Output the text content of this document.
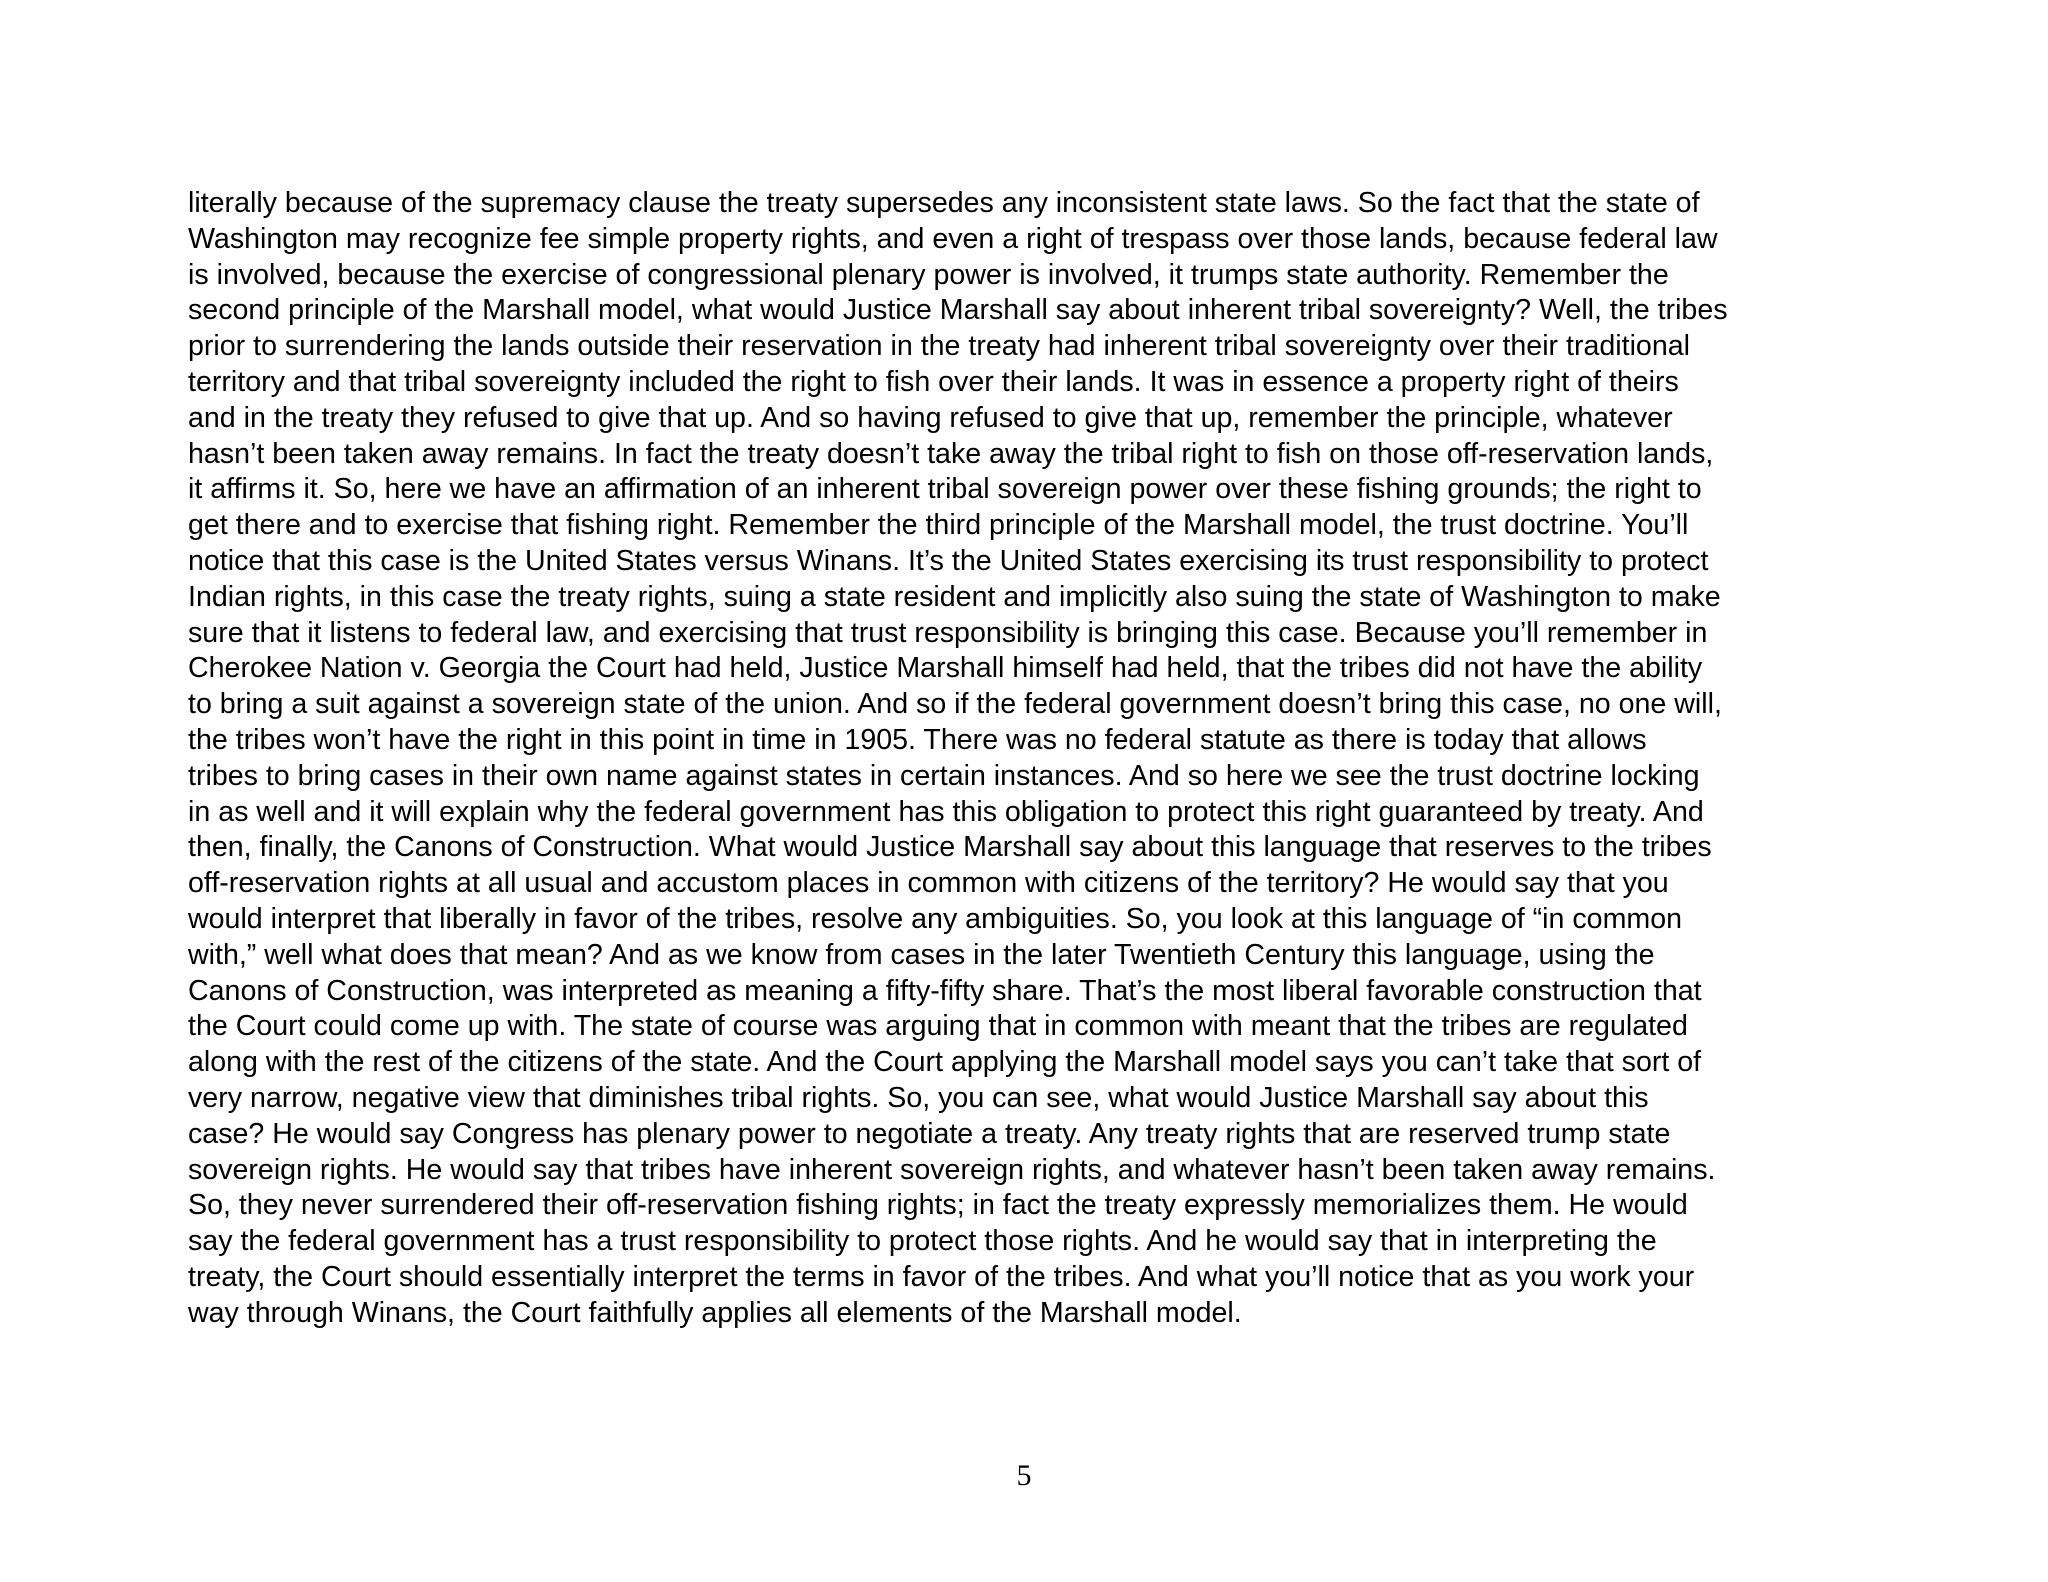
literally because of the supremacy clause the treaty supersedes any inconsistent state laws. So the fact that the state of
Washington may recognize fee simple property rights, and even a right of trespass over those lands, because federal law
is involved, because the exercise of congressional plenary power is involved, it trumps state authority. Remember the
second principle of the Marshall model, what would Justice Marshall say about inherent tribal sovereignty? Well, the tribes
prior to surrendering the lands outside their reservation in the treaty had inherent tribal sovereignty over their traditional
territory and that tribal sovereignty included the right to fish over their lands. It was in essence a property right of theirs
and in the treaty they refused to give that up. And so having refused to give that up, remember the principle, whatever
hasn’t been taken away remains. In fact the treaty doesn’t take away the tribal right to fish on those off-reservation lands,
it affirms it. So, here we have an affirmation of an inherent tribal sovereign power over these fishing grounds; the right to
get there and to exercise that fishing right. Remember the third principle of the Marshall model, the trust doctrine. You’ll
notice that this case is the United States versus Winans. It’s the United States exercising its trust responsibility to protect
Indian rights, in this case the treaty rights, suing a state resident and implicitly also suing the state of Washington to make
sure that it listens to federal law, and exercising that trust responsibility is bringing this case. Because you’ll remember in
Cherokee Nation v. Georgia the Court had held, Justice Marshall himself had held, that the tribes did not have the ability
to bring a suit against a sovereign state of the union. And so if the federal government doesn’t bring this case, no one will,
the tribes won’t have the right in this point in time in 1905. There was no federal statute as there is today that allows
tribes to bring cases in their own name against states in certain instances. And so here we see the trust doctrine locking
in as well and it will explain why the federal government has this obligation to protect this right guaranteed by treaty. And
then, finally, the Canons of Construction. What would Justice Marshall say about this language that reserves to the tribes
off-reservation rights at all usual and accustom places in common with citizens of the territory? He would say that you
would interpret that liberally in favor of the tribes, resolve any ambiguities. So, you look at this language of “in common
with,” well what does that mean? And as we know from cases in the later Twentieth Century this language, using the
Canons of Construction, was interpreted as meaning a fifty-fifty share. That’s the most liberal favorable construction that
the Court could come up with. The state of course was arguing that in common with meant that the tribes are regulated
along with the rest of the citizens of the state. And the Court applying the Marshall model says you can’t take that sort of
very narrow, negative view that diminishes tribal rights. So, you can see, what would Justice Marshall say about this
case? He would say Congress has plenary power to negotiate a treaty. Any treaty rights that are reserved trump state
sovereign rights. He would say that tribes have inherent sovereign rights, and whatever hasn’t been taken away remains.
So, they never surrendered their off-reservation fishing rights; in fact the treaty expressly memorializes them. He would
say the federal government has a trust responsibility to protect those rights. And he would say that in interpreting the
treaty, the Court should essentially interpret the terms in favor of the tribes. And what you’ll notice that as you work your
way through Winans, the Court faithfully applies all elements of the Marshall model.
5
